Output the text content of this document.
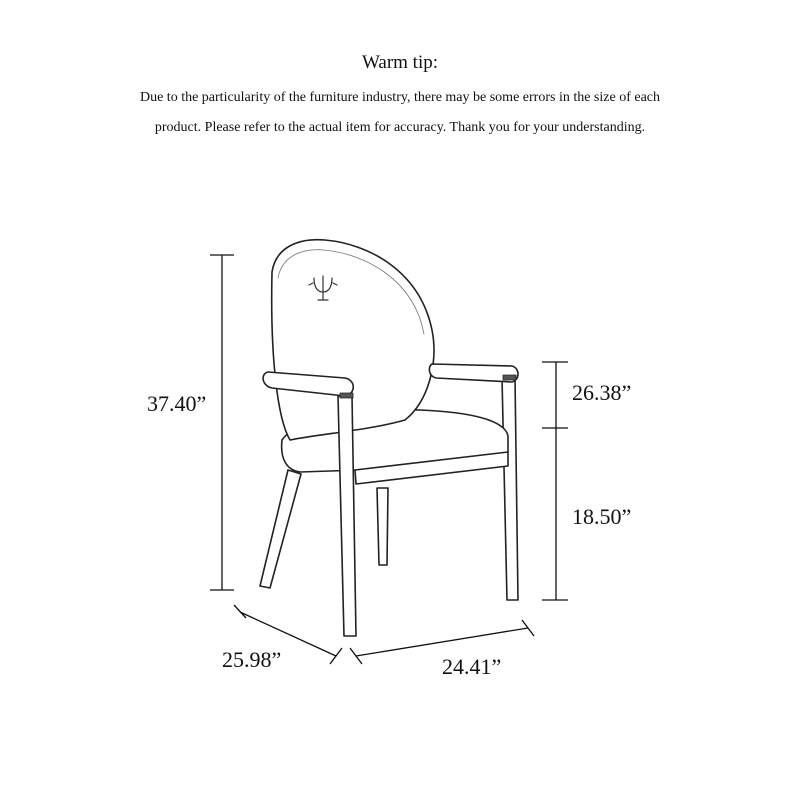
Warm tip:
Due to the particularity of the furniture industry, there may be some errors in the size of each
product. Please refer to the actual item for accuracy. Thank you for your understanding.
37.40”	26.38”
18.50”
25.98”	24.41”
